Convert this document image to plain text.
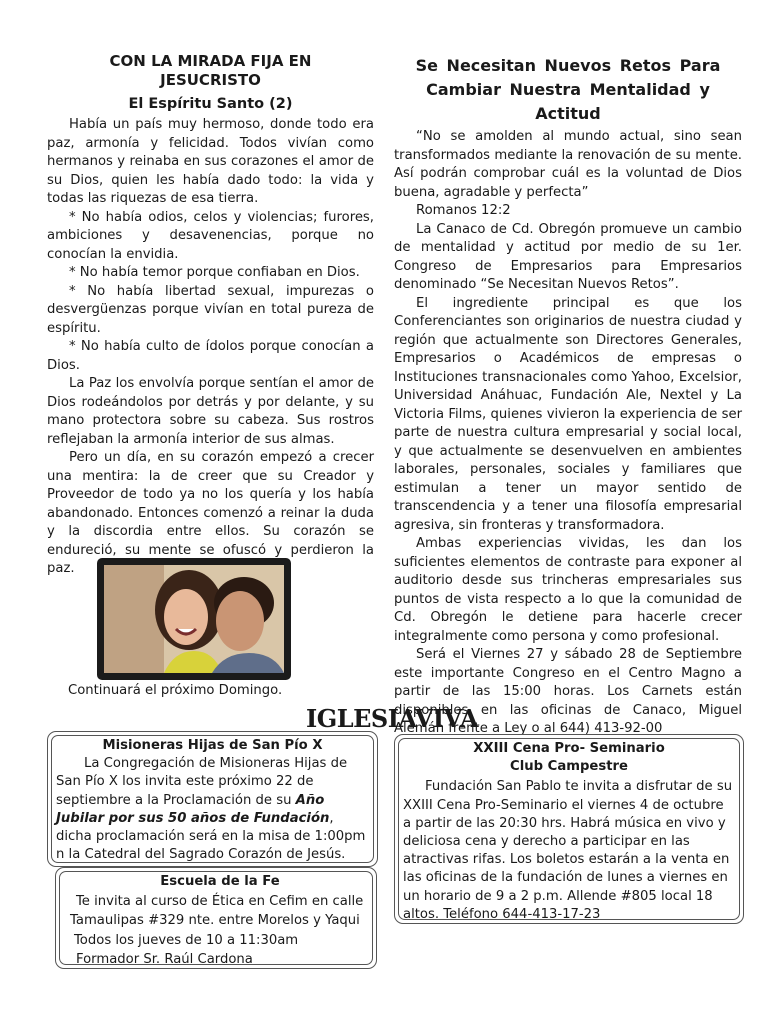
CON LA MIRADA FIJA EN
JESUCRISTO
El Espíritu Santo (2)

Había un país muy hermoso, donde todo era paz, armonía y felicidad. Todos vivían como hermanos y reinaba en sus corazones el amor de su Dios, quien les había dado todo: la vida y todas las riquezas de esa tierra.

* No había odios, celos y violencias; furores, ambiciones y desavenencias, porque no conocían la envidia.

* No había temor porque confiaban en Dios.

* No había libertad sexual, impurezas o desvergüenzas porque vivían en total pureza de espíritu.

* No había culto de ídolos porque conocían a Dios.

La Paz los envolvía porque sentían el amor de Dios rodeándolos por detrás y por delante, y su mano protectora sobre su cabeza. Sus rostros reflejaban la armonía interior de sus almas.

Pero un día, en su corazón empezó a crecer una mentira: la de creer que su Creador y Proveedor de todo ya no los quería y los había abandonado. Entonces comenzó a reinar la duda y la discordia entre ellos. Su corazón se endureció, su mente se ofuscó y perdieron la paz.

Continuará el próximo Domingo.
Se Necesitan Nuevos Retos Para
Cambiar Nuestra Mentalidad y Actitud

“No se amolden al mundo actual, sino sean transformados mediante la renovación de su mente. Así podrán comprobar cuál es la voluntad de Dios buena, agradable y perfecta”

Romanos 12:2

La Canaco de Cd. Obregón promueve un cambio de mentalidad y actitud por medio de su 1er. Congreso de Empresarios para Empresarios denominado “Se Necesitan Nuevos Retos”.

El ingrediente principal es que los Conferenciantes son originarios de nuestra ciudad y región que actualmente son Directores Generales, Empresarios o Académicos de empresas o Instituciones transnacionales como Yahoo, Excelsior, Universidad Anáhuac, Fundación Ale, Nextel y La Victoria Films, quienes vivieron la experiencia de ser parte de nuestra cultura empresarial y social local, y que actualmente se desenvuelven en ambientes laborales, personales, sociales y familiares que estimulan a tener un mayor sentido de transcendencia y a tener una filosofía empresarial agresiva, sin fronteras y transformadora.

Ambas experiencias vividas, les dan los suficientes elementos de contraste para exponer al auditorio desde sus trincheras empresariales sus puntos de vista respecto a lo que la comunidad de Cd. Obregón le detiene para hacerle crecer integralmente como persona y como profesional.

Será el Viernes 27 y sábado 28 de Septiembre este importante Congreso en el Centro Magno a partir de las 15:00 horas. Los Carnets están disponibles en las oficinas de Canaco, Miguel Alemán frente a Ley o al 644) 413-92-00

IGLESIAVIVA
Misioneras Hijas de San Pío X

La Congregación de Misioneras Hijas de San Pío X los invita este próximo 22 de septiembre a la Proclamación de su Año Jubilar por sus 50 años de Fundación, dicha proclamación será en la misa de 1:00pm n la Catedral del Sagrado Corazón de Jesús.

Escuela de la Fe

Te invita al curso de Ética en Cefim en calle

Tamaulipas #329 nte. entre Morelos y Yaqui

Todos los jueves de 10 a 11:30am

Formador Sr. Raúl Cardona

XXIII Cena Pro- Seminario
Club Campestre

Fundación San Pablo te invita a disfrutar de su XXIII Cena Pro-Seminario el viernes 4 de octubre a partir de las 20:30 hrs. Habrá música en vivo y deliciosa cena y derecho a participar en las atractivas rifas. Los boletos estarán a la venta en las oficinas de la fundación de lunes a viernes en un horario de 9 a 2 p.m. Allende #805 local 18 altos. Teléfono 644-413-17-23
